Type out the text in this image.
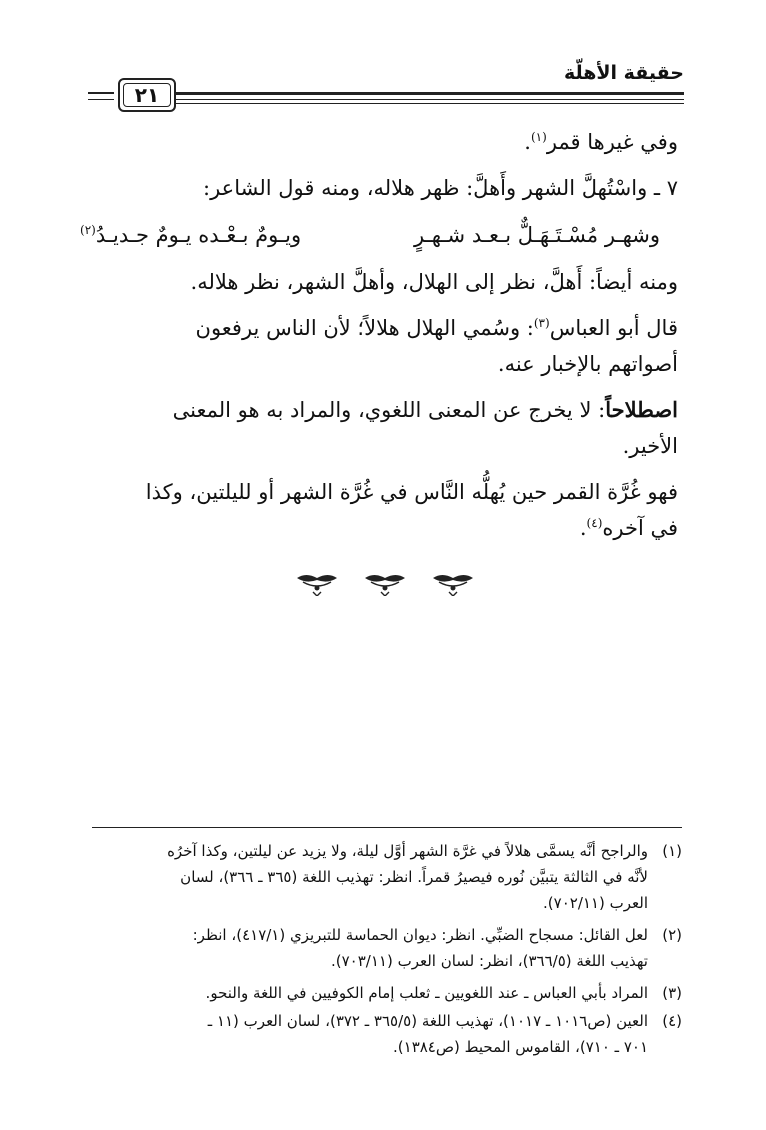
حقيقة الأهلّة
٢١
وفي غيرها قمر$^{(١)}$.
٧ ـ واسْتُهلَّ الشهر وأَهلَّ: ظهر هلاله، ومنه قول الشاعر:
وشهـر مُسْـتَـهَـلٌّ بـعـد شـهـرٍ
ويـومٌ بـعْـده يـومٌ جـديـدُ$^{(٢)}$
ومنه أيضاً: أَهلَّ، نظر إلى الهلال، وأهلَّ الشهر، نظر هلاله.
قال أبو العباس$^{(٣)}$: وسُمي الهلال هلالاً؛ لأن الناس يرفعون
أصواتهم بالإخبار عنه.
اصطلاحاً: لا يخرج عن المعنى اللغوي، والمراد به هو المعنى
الأخير.
فهو غُرَّة القمر حين يُهلُّه النَّاس في غُرَّة الشهر أو لليلتين، وكذا
في آخره$^{(٤)}$.
(١)والراجح أنَّه يسمَّى هلالاً في غرَّة الشهر أوَّل ليلة، ولا يزيد عن ليلتين، وكذا آخرُه
لأنَّه في الثالثة يتبيَّن نُوره فيصيرُ قمراً. انظر: تهذيب اللغة (٣٦٥ ـ ٣٦٦)، لسان
العرب (٧٠٢/١١).
(٢)لعل القائل: مسجاح الضبِّي. انظر: ديوان الحماسة للتبريزي (٤١٧/١)، انظر:
تهذيب اللغة (٣٦٦/٥)، انظر: لسان العرب (٧٠٣/١١).
(٣)المراد بأبي العباس ـ عند اللغويين ـ ثعلب إمام الكوفيين في اللغة والنحو.
(٤)العين (ص١٠١٦ ـ ١٠١٧)، تهذيب اللغة (٣٦٥/٥ ـ ٣٧٢)، لسان العرب (١١ ـ
٧٠١ ـ ٧١٠)، القاموس المحيط (ص١٣٨٤).
